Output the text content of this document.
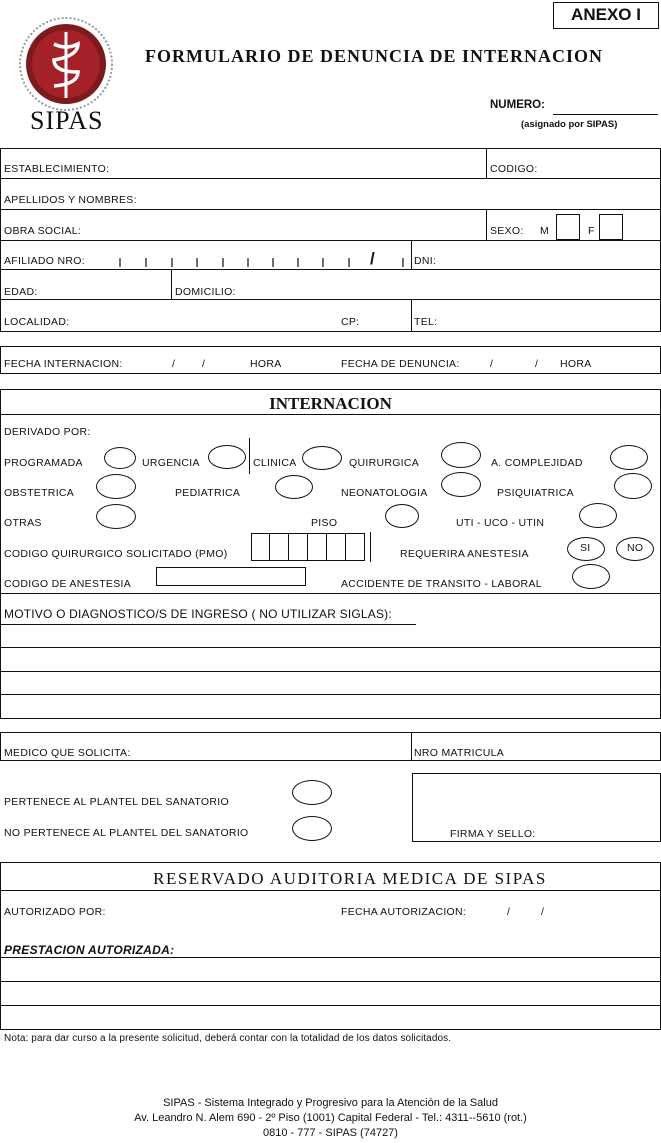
ANEXO I
SIPAS
FORMULARIO DE DENUNCIA DE INTERNACION
NUMERO:
(asignado por SIPAS)
ESTABLECIMIENTO:	CODIGO:
APELLIDOS Y NOMBRES:
OBRA SOCIAL:	SEXO: M	F
AFILIADO NRO:	/	DNI:
EDAD:	DOMICILIO:
LOCALIDAD:	CP:	TEL:
FECHA INTERNACION:	/	/	HORA	FECHA DE DENUNCIA:	/	/ HORA
INTERNACION
DERIVADO POR:
PROGRAMADA	URGENCIA	CLINICA	QUIRURGICA	A. COMPLEJIDAD
OBSTETRICA	PEDIATRICA	NEONATOLOGIA	PSIQUIATRICA
OTRAS	PISO	UTI - UCO - UTIN
CODIGO QUIRURGICO SOLICITADO (PMO)	REQUERIRA ANESTESIA	SI	NO
CODIGO DE ANESTESIA	ACCIDENTE DE TRANSITO - LABORAL
MOTIVO O DIAGNOSTICO/S DE INGRESO ( NO UTILIZAR SIGLAS):
MEDICO QUE SOLICITA:	NRO MATRICULA
PERTENECE AL PLANTEL DEL SANATORIO
NO PERTENECE AL PLANTEL DEL SANATORIO	FIRMA Y SELLO:
RESERVADO AUDITORIA MEDICA DE SIPAS
AUTORIZADO POR:	FECHA AUTORIZACION:	/	/
PRESTACION AUTORIZADA:
Nota: para dar curso a la presente solicitud, deberá contar con la totalidad de los datos solicitados.
SIPAS - Sistema Integrado y Progresivo para la Atención de la Salud
Av. Leandro N. Alem 690 - 2º Piso (1001) Capital Federal - Tel.: 4311--5610 (rot.)
0810 - 777 - SIPAS (74727)
